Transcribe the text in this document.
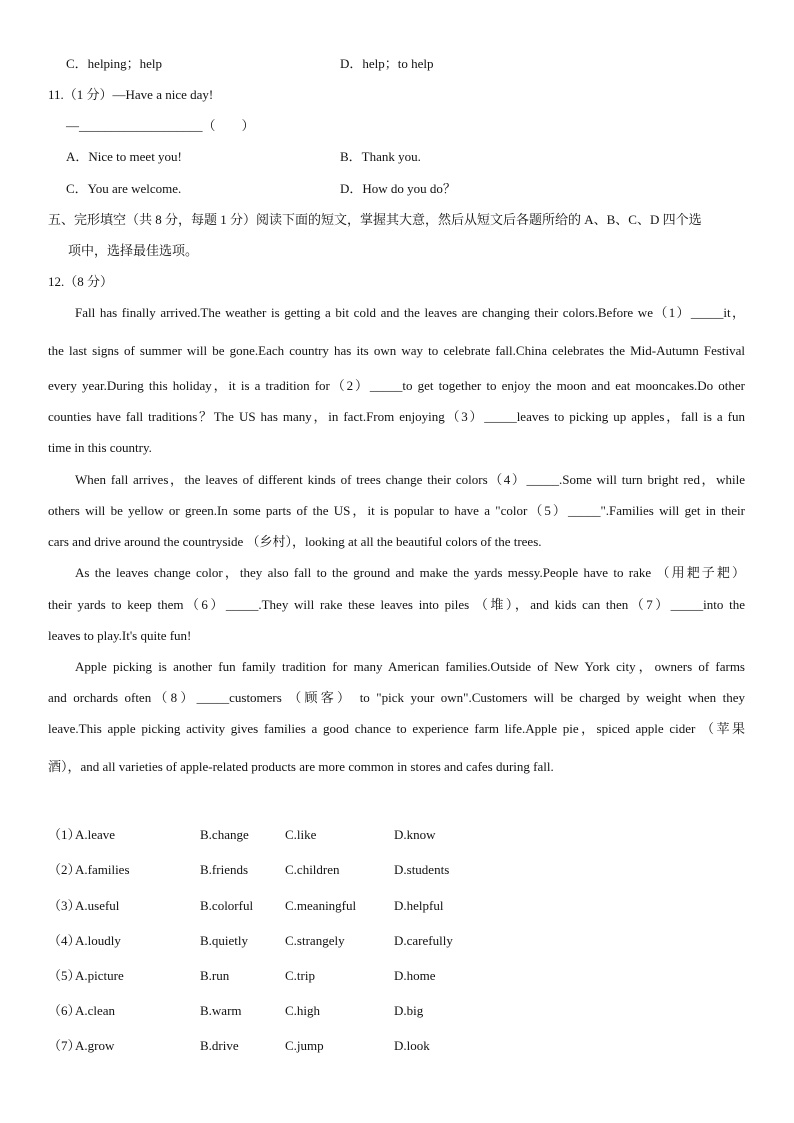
C．helping；help	D．help；to help
11.（1 分）—Have a nice day!
—___________________（　　）
A．Nice to meet you!	B．Thank you.
C．You are welcome.	D．How do you do？
五、完形填空（共 8 分，每题 1 分）阅读下面的短文，掌握其大意，然后从短文后各题所给的 A、B、C、D 四个选
项中，选择最佳选项。
12.（8 分）
Fall has finally arrived.The weather is getting a bit cold and the leaves are changing their colors.Before we（1）_____it，
the last signs of summer will be gone.Each country has its own way to celebrate fall.China celebrates the Mid-Autumn Festival
every year.During this holiday，it is a tradition for（2）_____to get together to enjoy the moon and eat mooncakes.Do other
counties have fall traditions？The US has many，in fact.From enjoying（3）_____leaves to picking up apples，fall is a fun
time in this country.
When fall arrives，the leaves of different kinds of trees change their colors（4）_____.Some will turn bright red，while
others will be yellow or green.In some parts of the US，it is popular to have a "color（5）_____".Families will get in their
cars and drive around the countryside （乡村），looking at all the beautiful colors of the trees.
As the leaves change color，they also fall to the ground and make the yards messy.People have to rake （用耙子耙）
their yards to keep them（6）_____.They will rake these leaves into piles （堆），and kids can then（7）_____into the
leaves to play.It's quite fun!
Apple picking is another fun family tradition for many American families.Outside of New York city，owners of farms
and orchards often（8）_____customers （顾客） to "pick your own".Customers will be charged by weight when they
leave.This apple picking activity gives families a good chance to experience farm life.Apple pie，spiced apple cider （苹果
酒），and all varieties of apple-related products are more common in stores and cafes during fall.
（1）
A.leave	B.change	C.like	D.know
（2）
A.families	B.friends	C.children	D.students
（3）
A.useful	B.colorful C.meaningful	D.helpful
（4）
A.loudly	B.quietly	C.strangely	D.carefully
（5）
A.picture	B.run	C.trip	D.home
（6）
A.clean	B.warm	C.high	D.big
（7）
A.grow	B.drive	C.jump	D.look
